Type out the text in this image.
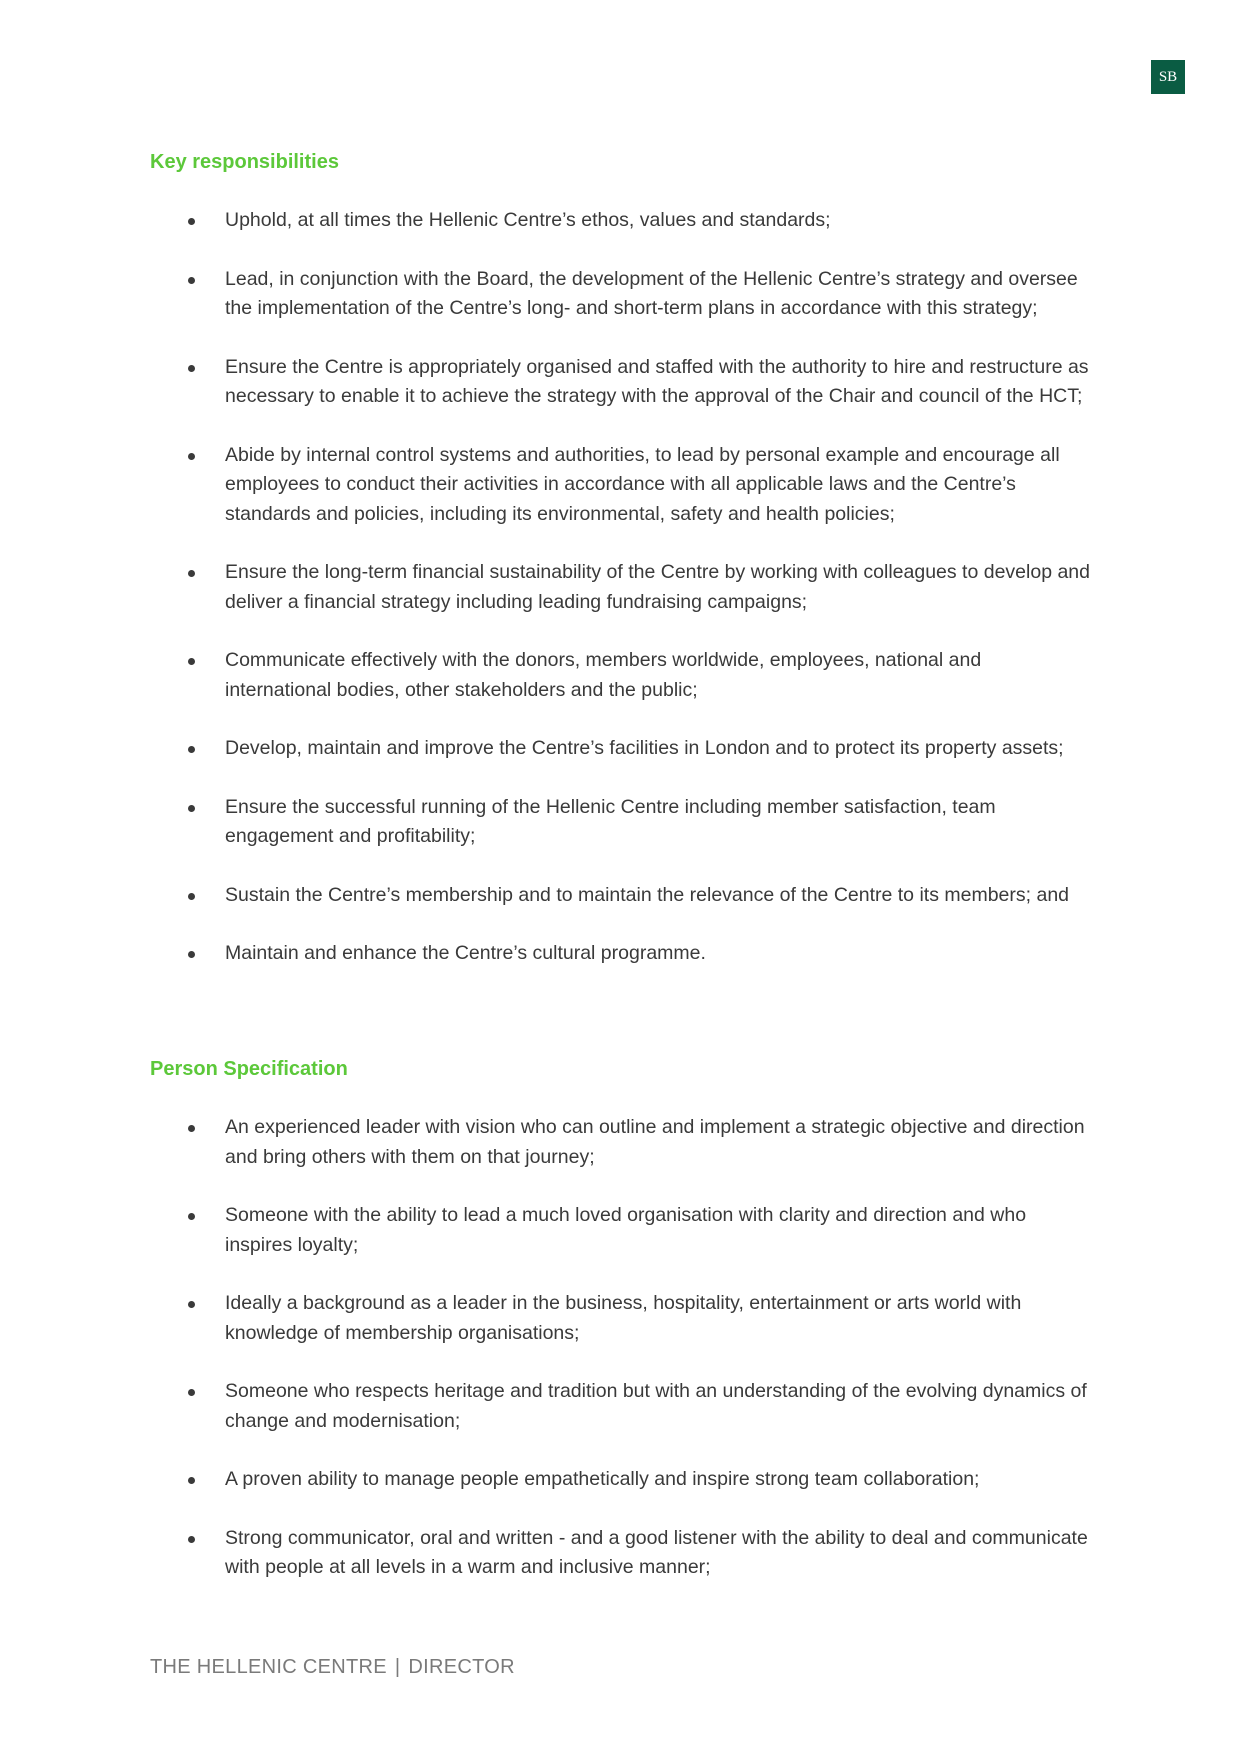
SB
Key responsibilities
Uphold, at all times the Hellenic Centre’s ethos, values and standards;
Lead, in conjunction with the Board, the development of the Hellenic Centre’s strategy and oversee the implementation of the Centre’s long- and short-term plans in accordance with this strategy;
Ensure the Centre is appropriately organised and staffed with the authority to hire and restructure as necessary to enable it to achieve the strategy with the approval of the Chair and council of the HCT;
Abide by internal control systems and authorities, to lead by personal example and encourage all employees to conduct their activities in accordance with all applicable laws and the Centre’s standards and policies, including its environmental, safety and health policies;
Ensure the long-term financial sustainability of the Centre by working with colleagues to develop and deliver a financial strategy including leading fundraising campaigns;
Communicate effectively with the donors, members worldwide, employees, national and international bodies, other stakeholders and the public;
Develop, maintain and improve the Centre’s facilities in London and to protect its property assets;
Ensure the successful running of the Hellenic Centre including member satisfaction, team engagement and profitability;
Sustain the Centre’s membership and to maintain the relevance of the Centre to its members; and
Maintain and enhance the Centre’s cultural programme.
Person Specification
An experienced leader with vision who can outline and implement a strategic objective and direction and bring others with them on that journey;
Someone with the ability to lead a much loved organisation with clarity and direction and who inspires loyalty;
Ideally a background as a leader in the business, hospitality, entertainment or arts world with knowledge of membership organisations;
Someone who respects heritage and tradition but with an understanding of the evolving dynamics of change and modernisation;
A proven ability to manage people empathetically and inspire strong team collaboration;
Strong communicator, oral and written - and a good listener with the ability to deal and communicate with people at all levels in a warm and inclusive manner;
THE HELLENIC CENTRE | DIRECTOR
